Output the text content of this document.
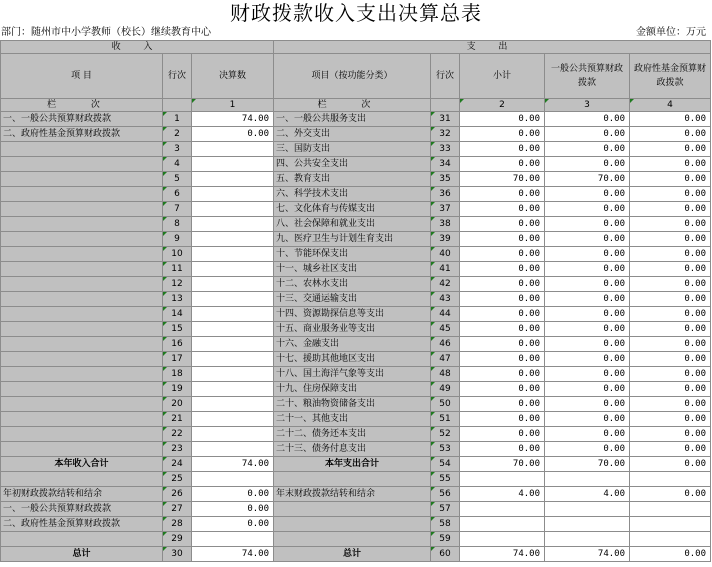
财政拨款收入支出决算总表
部门：随州市中小学教师（校长）继续教育中心	金额单位：万元
收 入			支 出				
项 目	行次	决算数	项目（按功能分类）	行次	小计	一般公共预算财政拨款	政府性基金预算财政拨款
栏 次		1	栏 次		2	3	4
一、一般公共预算财政拨款	1	74.00	一、一般公共服务支出	31	0.00	0.00	0.00
二、政府性基金预算财政拨款	2	0.00	二、外交支出	32	0.00	0.00	0.00
	3		三、国防支出	33	0.00	0.00	0.00
	4		四、公共安全支出	34	0.00	0.00	0.00
	5		五、教育支出	35	70.00	70.00	0.00
	6		六、科学技术支出	36	0.00	0.00	0.00
	7		七、文化体育与传媒支出	37	0.00	0.00	0.00
	8		八、社会保障和就业支出	38	0.00	0.00	0.00
	9		九、医疗卫生与计划生育支出	39	0.00	0.00	0.00
	10		十、节能环保支出	40	0.00	0.00	0.00
	11		十一、城乡社区支出	41	0.00	0.00	0.00
	12		十二、农林水支出	42	0.00	0.00	0.00
	13		十三、交通运输支出	43	0.00	0.00	0.00
	14		十四、资源勘探信息等支出	44	0.00	0.00	0.00
	15		十五、商业服务业等支出	45	0.00	0.00	0.00
	16		十六、金融支出	46	0.00	0.00	0.00
	17		十七、援助其他地区支出	47	0.00	0.00	0.00
	18		十八、国土海洋气象等支出	48	0.00	0.00	0.00
	19		十九、住房保障支出	49	0.00	0.00	0.00
	20		二十、粮油物资储备支出	50	0.00	0.00	0.00
	21		二十一、其他支出	51	0.00	0.00	0.00
	22		二十二、债务还本支出	52	0.00	0.00	0.00
	23		二十三、债务付息支出	53	0.00	0.00	0.00
本年收入合计	24	74.00	本年支出合计	54	70.00	70.00	0.00
	25			55			
年初财政拨款结转和结余	26	0.00	年末财政拨款结转和结余	56	4.00	4.00	0.00
一、一般公共预算财政拨款	27	0.00		57			
二、政府性基金预算财政拨款	28	0.00		58			
	29			59			
总计	30	74.00	总计	60	74.00	74.00	0.00
